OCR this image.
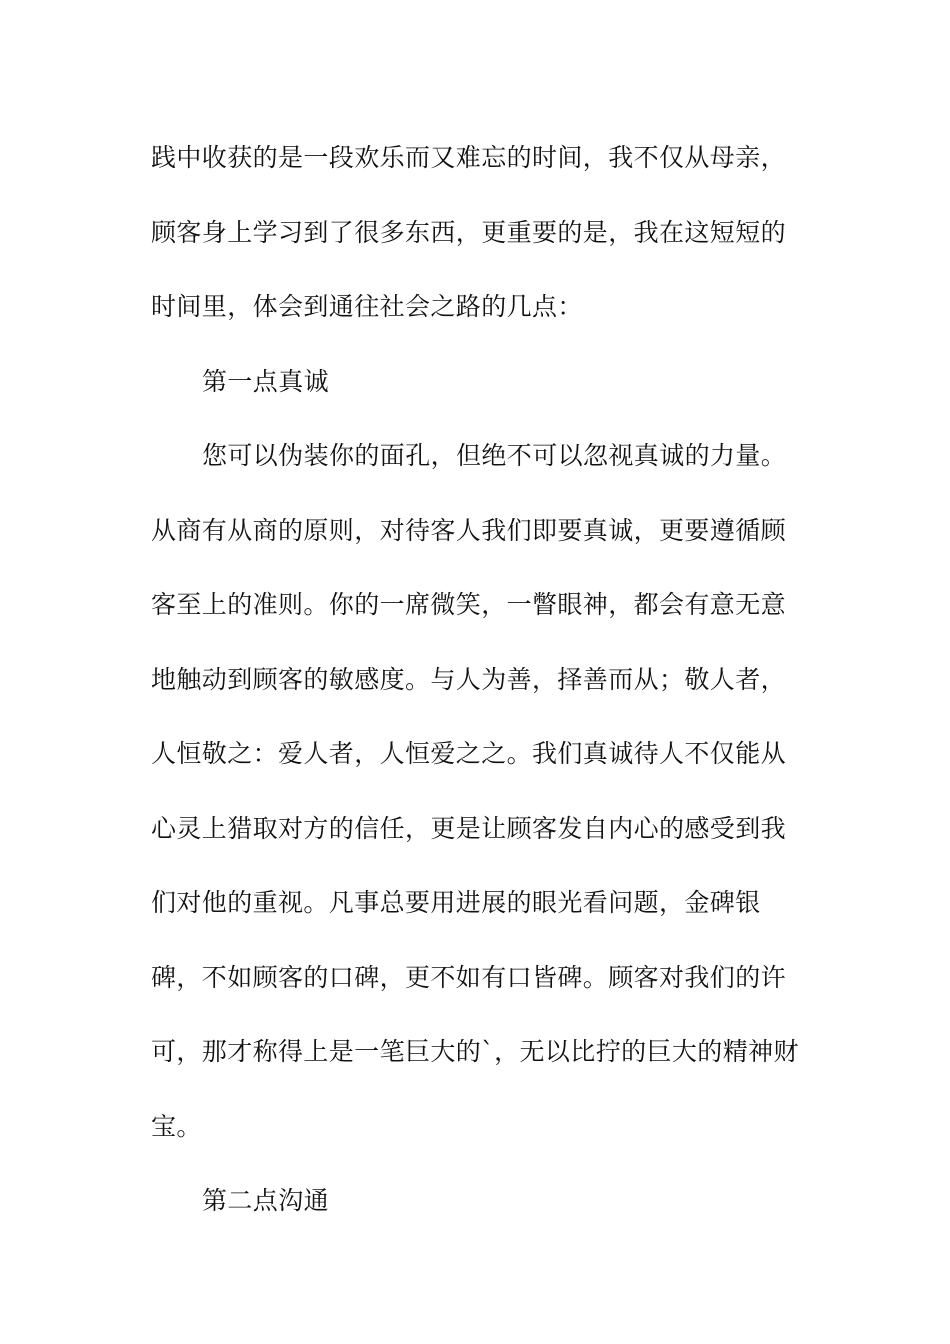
践中收获的是一段欢乐而又难忘的时间，我不仅从母亲，
顾客身上学习到了很多东西，更重要的是，我在这短短的
时间里，体会到通往社会之路的几点：
第一点真诚
您可以伪装你的面孔，但绝不可以忽视真诚的力量。
从商有从商的原则，对待客人我们即要真诚，更要遵循顾
客至上的准则。你的一席微笑，一瞥眼神，都会有意无意
地触动到顾客的敏感度。与人为善，择善而从；敬人者，
人恒敬之：爱人者，人恒爱之之。我们真诚待人不仅能从
心灵上猎取对方的信任，更是让顾客发自内心的感受到我
们对他的重视。凡事总要用进展的眼光看问题，金碑银
碑，不如顾客的口碑，更不如有口皆碑。顾客对我们的许
可，那才称得上是一笔巨大的`，无以比拧的巨大的精神财
宝。
第二点沟通
